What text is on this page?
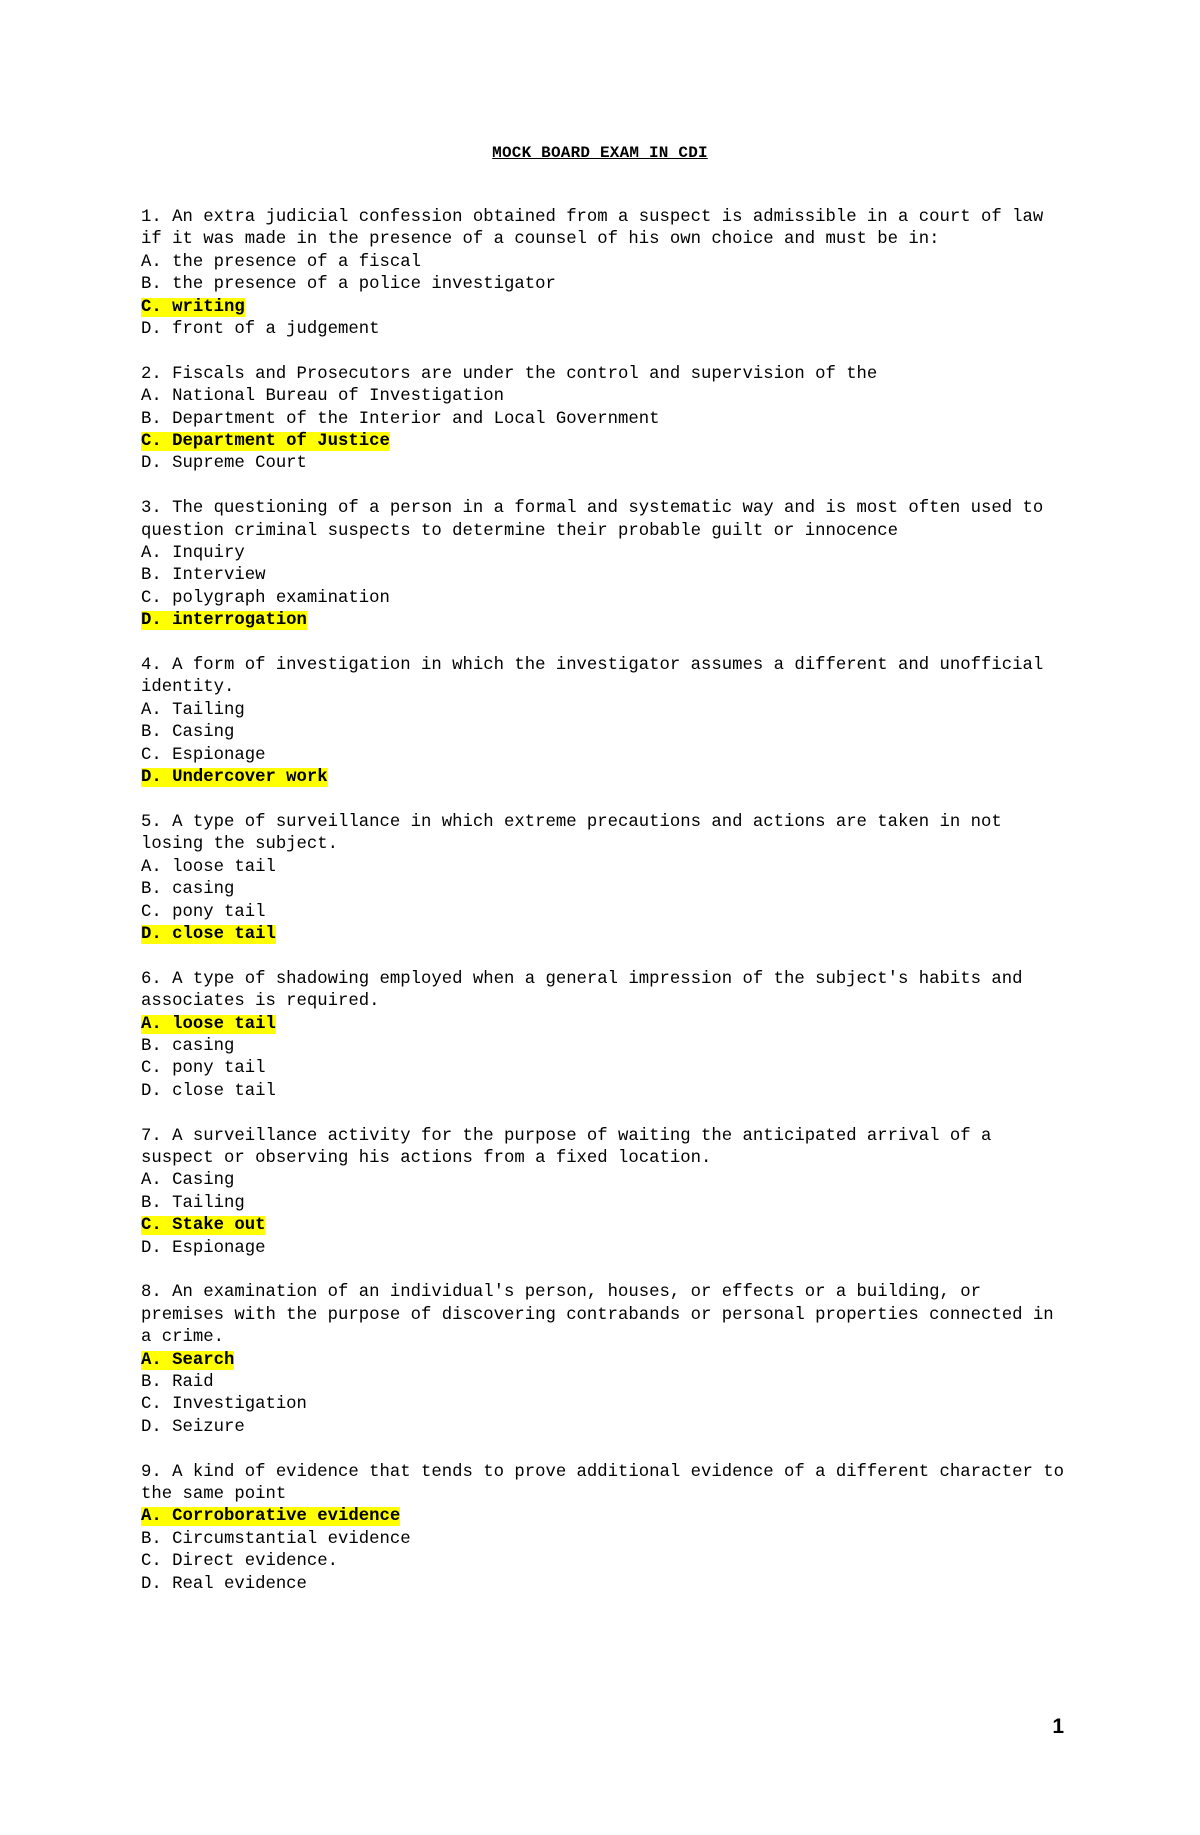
MOCK BOARD EXAM IN CDI
1. An extra judicial confession obtained from a suspect is admissible in a court of law if it was made in the presence of a counsel of his own choice and must be in:
A. the presence of a fiscal
B. the presence of a police investigator
C. writing
D. front of a judgement
2. Fiscals and Prosecutors are under the control and supervision of the
A. National Bureau of Investigation
B. Department of the Interior and Local Government
C. Department of Justice
D. Supreme Court
3. The questioning of a person in a formal and systematic way and is most often used to question criminal suspects to determine their probable guilt or innocence
A. Inquiry
B. Interview
C. polygraph examination
D. interrogation
4. A form of investigation in which the investigator assumes a different and unofficial identity.
A. Tailing
B. Casing
C. Espionage
D. Undercover work
5. A type of surveillance in which extreme precautions and actions are taken in not losing the subject.
A. loose tail
B. casing
C. pony tail
D. close tail
6. A type of shadowing employed when a general impression of the subject's habits and associates is required.
A. loose tail
B. casing
C. pony tail
D. close tail
7. A surveillance activity for the purpose of waiting the anticipated arrival of a suspect or observing his actions from a fixed location.
A. Casing
B. Tailing
C. Stake out
D. Espionage
8. An examination of an individual's person, houses, or effects or a building, or premises with the purpose of discovering contrabands or personal properties connected in a crime.
A. Search
B. Raid
C. Investigation
D. Seizure
9. A kind of evidence that tends to prove additional evidence of a different character to the same point
A. Corroborative evidence
B. Circumstantial evidence
C. Direct evidence.
D. Real evidence
1
